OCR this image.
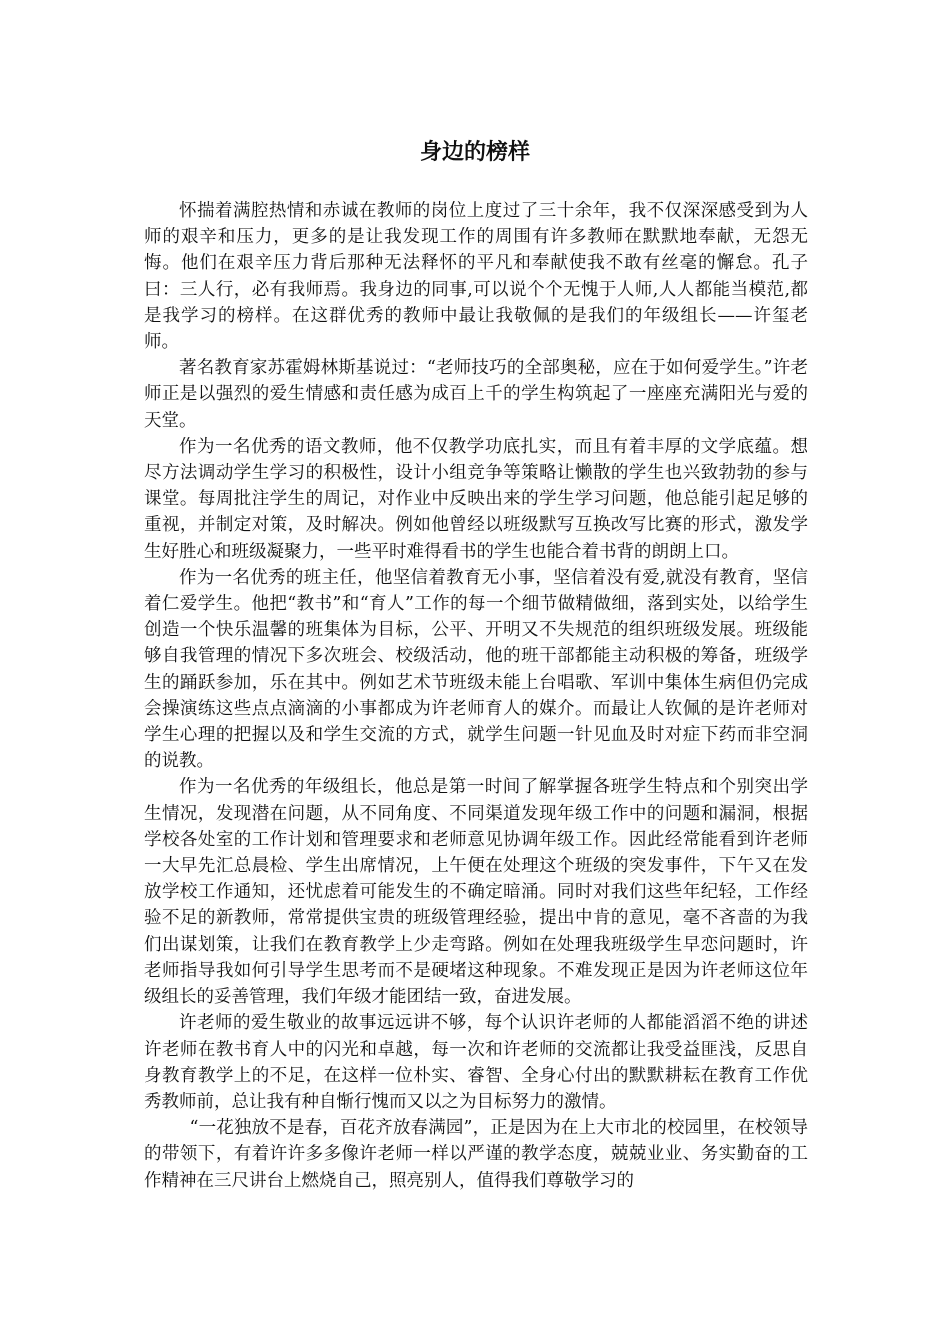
身边的榜样

怀揣着满腔热情和赤诚在教师的岗位上度过了三十余年，我不仅深深感受到为人师的艰辛和压力，更多的是让我发现工作的周围有许多教师在默默地奉献，无怨无悔。他们在艰辛压力背后那种无法释怀的平凡和奉献使我不敢有丝毫的懈怠。孔子曰：三人行，必有我师焉。我身边的同事,可以说个个无愧于人师,人人都能当模范,都是我学习的榜样。在这群优秀的教师中最让我敬佩的是我们的年级组长——许玺老师。

著名教育家苏霍姆林斯基说过：“老师技巧的全部奥秘，应在于如何爱学生。”许老师正是以强烈的爱生情感和责任感为成百上千的学生构筑起了一座座充满阳光与爱的天堂。

作为一名优秀的语文教师，他不仅教学功底扎实，而且有着丰厚的文学底蕴。想尽方法调动学生学习的积极性，设计小组竞争等策略让懒散的学生也兴致勃勃的参与课堂。每周批注学生的周记，对作业中反映出来的学生学习问题，他总能引起足够的重视，并制定对策，及时解决。例如他曾经以班级默写互换改写比赛的形式，激发学生好胜心和班级凝聚力，一些平时难得看书的学生也能合着书背的朗朗上口。

作为一名优秀的班主任，他坚信着教育无小事，坚信着没有爱,就没有教育，坚信着仁爱学生。他把“教书”和“育人”工作的每一个细节做精做细，落到实处，以给学生创造一个快乐温馨的班集体为目标，公平、开明又不失规范的组织班级发展。班级能够自我管理的情况下多次班会、校级活动，他的班干部都能主动积极的筹备，班级学生的踊跃参加，乐在其中。例如艺术节班级未能上台唱歌、军训中集体生病但仍完成会操演练这些点点滴滴的小事都成为许老师育人的媒介。而最让人钦佩的是许老师对学生心理的把握以及和学生交流的方式，就学生问题一针见血及时对症下药而非空洞的说教。

作为一名优秀的年级组长，他总是第一时间了解掌握各班学生特点和个别突出学生情况，发现潜在问题，从不同角度、不同渠道发现年级工作中的问题和漏洞，根据学校各处室的工作计划和管理要求和老师意见协调年级工作。因此经常能看到许老师一大早先汇总晨检、学生出席情况，上午便在处理这个班级的突发事件，下午又在发放学校工作通知，还忧虑着可能发生的不确定暗涌。同时对我们这些年纪轻，工作经验不足的新教师，常常提供宝贵的班级管理经验，提出中肯的意见，毫不吝啬的为我们出谋划策，让我们在教育教学上少走弯路。例如在处理我班级学生早恋问题时，许老师指导我如何引导学生思考而不是硬堵这种现象。不难发现正是因为许老师这位年级组长的妥善管理，我们年级才能团结一致，奋进发展。

许老师的爱生敬业的故事远远讲不够，每个认识许老师的人都能滔滔不绝的讲述许老师在教书育人中的闪光和卓越，每一次和许老师的交流都让我受益匪浅，反思自身教育教学上的不足，在这样一位朴实、睿智、全身心付出的默默耕耘在教育工作优秀教师前，总让我有种自惭行愧而又以之为目标努力的激情。

“一花独放不是春，百花齐放春满园”，正是因为在上大市北的校园里，在校领导的带领下，有着许许多多像许老师一样以严谨的教学态度，兢兢业业、务实勤奋的工作精神在三尺讲台上燃烧自己，照亮别人，值得我们尊敬学习的
